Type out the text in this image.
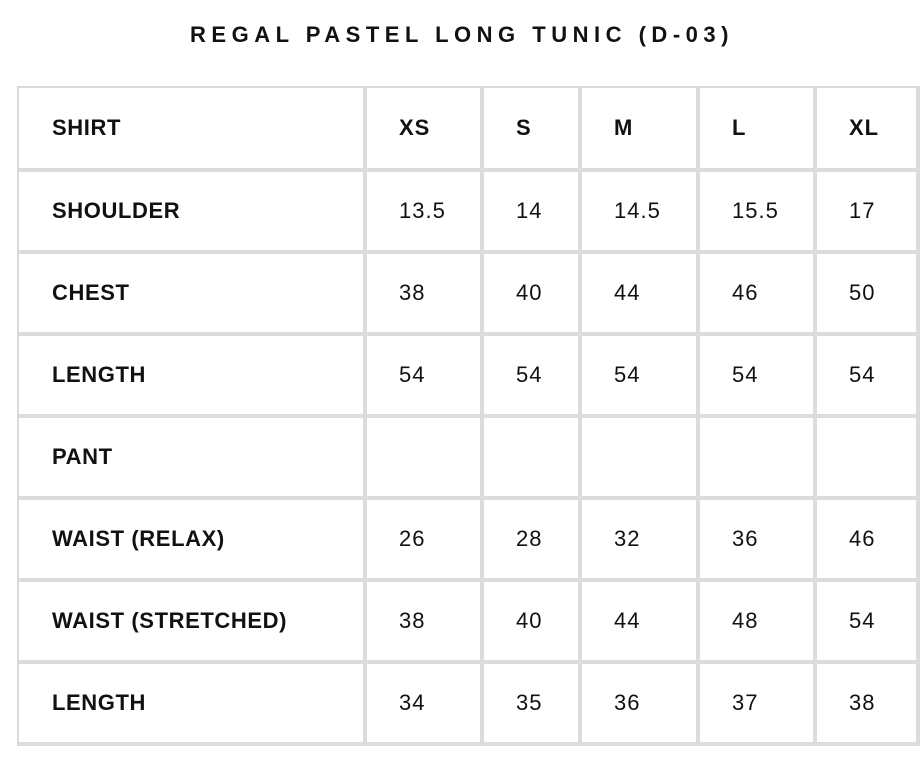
REGAL PASTEL LONG TUNIC (D-03)
SHIRT	XS	S	M	L	XL
SHOULDER	13.5	14	14.5	15.5	17
CHEST	38	40	44	46	50
LENGTH	54	54	54	54	54
PANT					
WAIST (RELAX)	26	28	32	36	46
WAIST (STRETCHED)	38	40	44	48	54
LENGTH	34	35	36	37	38
